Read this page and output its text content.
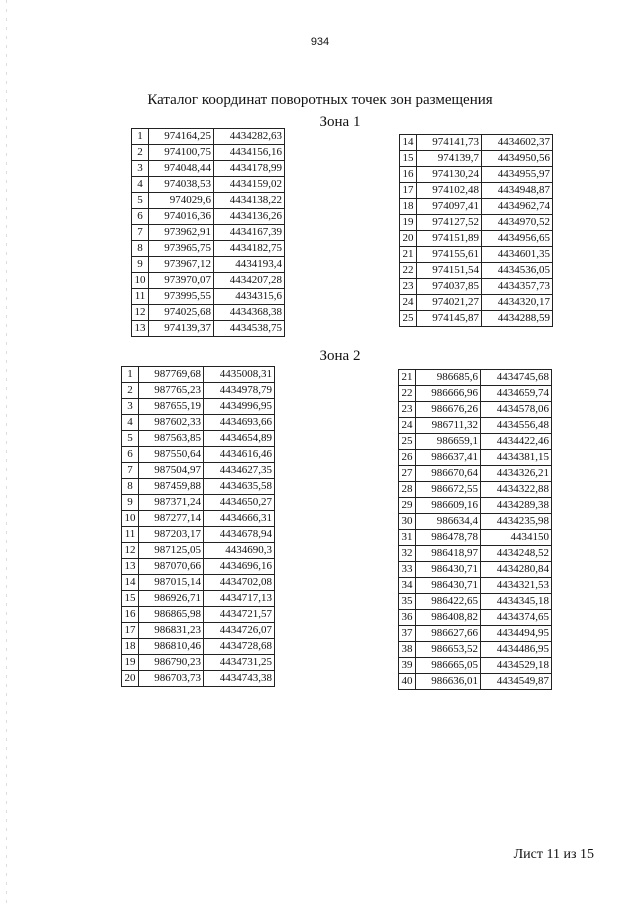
934
Каталог координат поворотных точек зон размещения
Зона 1
1	974164,25	4434282,63
2	974100,75	4434156,16
3	974048,44	4434178,99
4	974038,53	4434159,02
5	974029,6	4434138,22
6	974016,36	4434136,26
7	973962,91	4434167,39
8	973965,75	4434182,75
9	973967,12	4434193,4
10	973970,07	4434207,28
11	973995,55	4434315,6
12	974025,68	4434368,38
13	974139,37	4434538,75
14	974141,73	4434602,37
15	974139,7	4434950,56
16	974130,24	4434955,97
17	974102,48	4434948,87
18	974097,41	4434962,74
19	974127,52	4434970,52
20	974151,89	4434956,65
21	974155,61	4434601,35
22	974151,54	4434536,05
23	974037,85	4434357,73
24	974021,27	4434320,17
25	974145,87	4434288,59
Зона 2
1	987769,68	4435008,31
2	987765,23	4434978,79
3	987655,19	4434996,95
4	987602,33	4434693,66
5	987563,85	4434654,89
6	987550,64	4434616,46
7	987504,97	4434627,35
8	987459,88	4434635,58
9	987371,24	4434650,27
10	987277,14	4434666,31
11	987203,17	4434678,94
12	987125,05	4434690,3
13	987070,66	4434696,16
14	987015,14	4434702,08
15	986926,71	4434717,13
16	986865,98	4434721,57
17	986831,23	4434726,07
18	986810,46	4434728,68
19	986790,23	4434731,25
20	986703,73	4434743,38
21	986685,6	4434745,68
22	986666,96	4434659,74
23	986676,26	4434578,06
24	986711,32	4434556,48
25	986659,1	4434422,46
26	986637,41	4434381,15
27	986670,64	4434326,21
28	986672,55	4434322,88
29	986609,16	4434289,38
30	986634,4	4434235,98
31	986478,78	4434150
32	986418,97	4434248,52
33	986430,71	4434280,84
34	986430,71	4434321,53
35	986422,65	4434345,18
36	986408,82	4434374,65
37	986627,66	4434494,95
38	986653,52	4434486,95
39	986665,05	4434529,18
40	986636,01	4434549,87
Лист 11 из 15
